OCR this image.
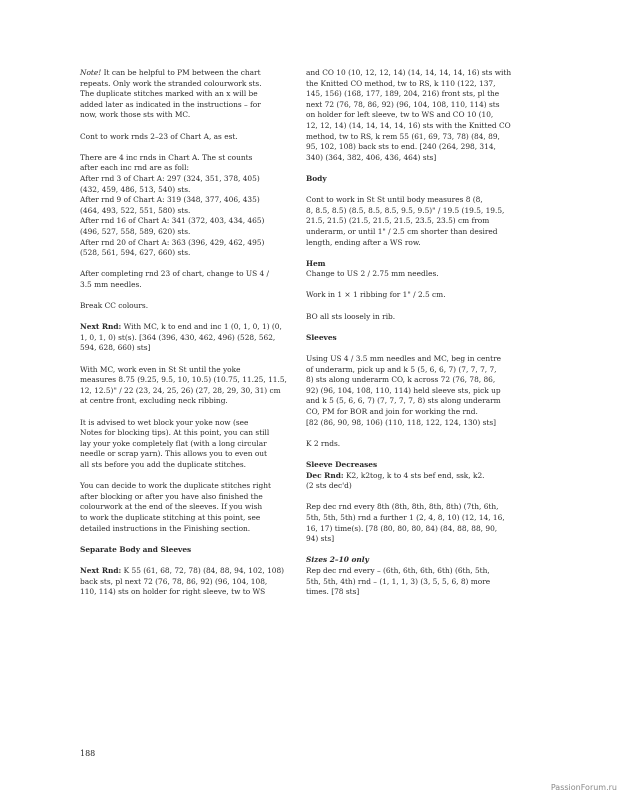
Note! It can be helpful to PM between the chart
repeats. Only work the stranded colourwork sts.
The duplicate stitches marked with an x will be
added later as indicated in the instructions – for
now, work those sts with MC.

Cont to work rnds 2–23 of Chart A, as est.

There are 4 inc rnds in Chart A. The st counts
after each inc rnd are as foll:
After rnd 3 of Chart A: 297 (324, 351, 378, 405)
(432, 459, 486, 513, 540) sts.
After rnd 9 of Chart A: 319 (348, 377, 406, 435)
(464, 493, 522, 551, 580) sts.
After rnd 16 of Chart A: 341 (372, 403, 434, 465)
(496, 527, 558, 589, 620) sts.
After rnd 20 of Chart A: 363 (396, 429, 462, 495)
(528, 561, 594, 627, 660) sts.

After completing rnd 23 of chart, change to US 4 /
3.5 mm needles.

Break CC colours.

Next Rnd: With MC, k to end and inc 1 (0, 1, 0, 1) (0,
1, 0, 1, 0) st(s). [364 (396, 430, 462, 496) (528, 562,
594, 628, 660) sts]

With MC, work even in St St until the yoke
measures 8.75 (9.25, 9.5, 10, 10.5) (10.75, 11.25, 11.5,
12, 12.5)" / 22 (23, 24, 25, 26) (27, 28, 29, 30, 31) cm
at centre front, excluding neck ribbing.

It is advised to wet block your yoke now (see
Notes for blocking tips). At this point, you can still
lay your yoke completely flat (with a long circular
needle or scrap yarn). This allows you to even out
all sts before you add the duplicate stitches.

You can decide to work the duplicate stitches right
after blocking or after you have also finished the
colourwork at the end of the sleeves. If you wish
to work the duplicate stitching at this point, see
detailed instructions in the Finishing section.

Separate Body and Sleeves

Next Rnd: K 55 (61, 68, 72, 78) (84, 88, 94, 102, 108)
back sts, pl next 72 (76, 78, 86, 92) (96, 104, 108,
110, 114) sts on holder for right sleeve, tw to WS

and CO 10 (10, 12, 12, 14) (14, 14, 14, 14, 16) sts with
the Knitted CO method, tw to RS, k 110 (122, 137,
145, 156) (168, 177, 189, 204, 216) front sts, pl the
next 72 (76, 78, 86, 92) (96, 104, 108, 110, 114) sts
on holder for left sleeve, tw to WS and CO 10 (10,
12, 12, 14) (14, 14, 14, 14, 16) sts with the Knitted CO
method, tw to RS, k rem 55 (61, 69, 73, 78) (84, 89,
95, 102, 108) back sts to end. [240 (264, 298, 314,
340) (364, 382, 406, 436, 464) sts]

Body

Cont to work in St St until body measures 8 (8,
8, 8.5, 8.5) (8.5, 8.5, 8.5, 9.5, 9.5)" / 19.5 (19.5, 19.5,
21.5, 21.5) (21.5, 21.5, 21.5, 23.5, 23.5) cm from
underarm, or until 1" / 2.5 cm shorter than desired
length, ending after a WS row.

Hem

Change to US 2 / 2.75 mm needles.

Work in 1 × 1 ribbing for 1" / 2.5 cm.

BO all sts loosely in rib.

Sleeves

Using US 4 / 3.5 mm needles and MC, beg in centre
of underarm, pick up and k 5 (5, 6, 6, 7) (7, 7, 7, 7,
8) sts along underarm CO, k across 72 (76, 78, 86,
92) (96, 104, 108, 110, 114) held sleeve sts, pick up
and k 5 (5, 6, 6, 7) (7, 7, 7, 7, 8) sts along underarm
CO, PM for BOR and join for working the rnd.
[82 (86, 90, 98, 106) (110, 118, 122, 124, 130) sts]

K 2 rnds.

Sleeve Decreases

Dec Rnd: K2, k2tog, k to 4 sts bef end, ssk, k2.
(2 sts dec'd)

Rep dec rnd every 8th (8th, 8th, 8th, 8th) (7th, 6th,
5th, 5th, 5th) rnd a further 1 (2, 4, 8, 10) (12, 14, 16,
16, 17) time(s). [78 (80, 80, 80, 84) (84, 88, 88, 90,
94) sts]

Sizes 2–10 only

Rep dec rnd every – (6th, 6th, 6th, 6th) (6th, 5th,
5th, 5th, 4th) rnd – (1, 1, 1, 3) (3, 5, 5, 6, 8) more
times. [78 sts]

188
PassionForum.ru
